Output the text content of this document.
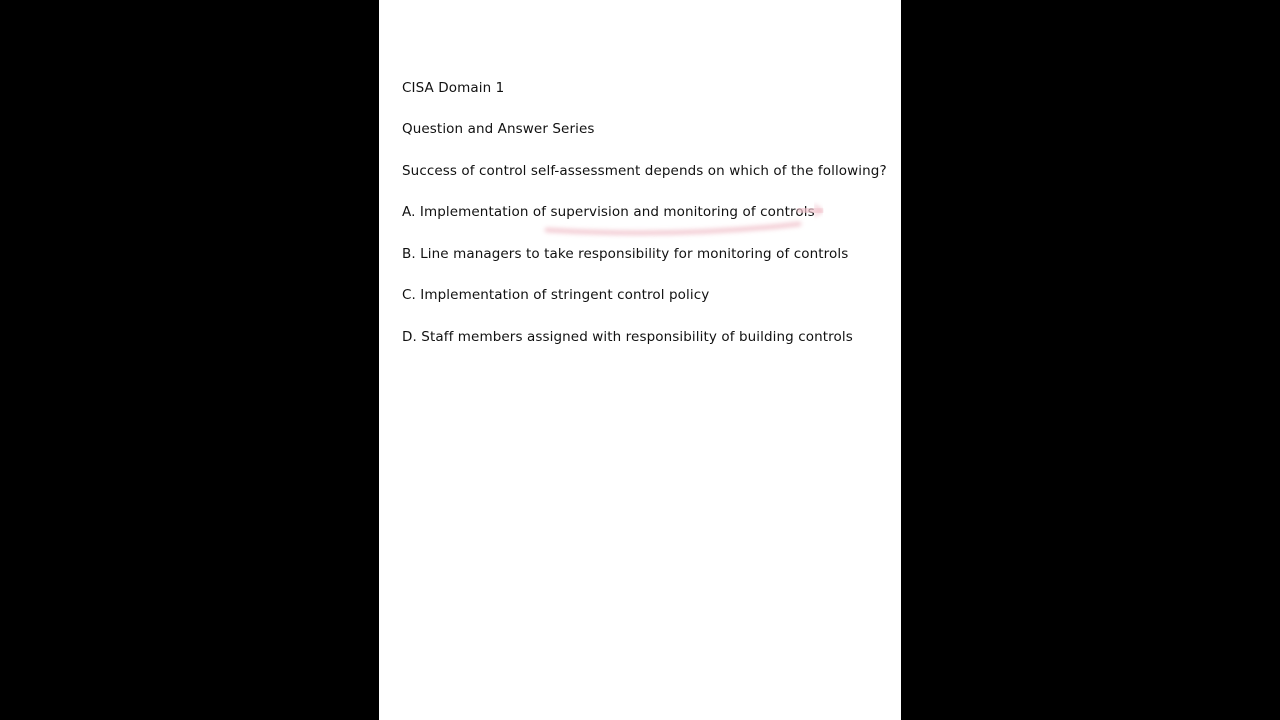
CISA Domain 1
Question and Answer Series
Success of control self-assessment depends on which of the following?
A. Implementation of supervision and monitoring of controls
B. Line managers to take responsibility for monitoring of controls
C. Implementation of stringent control policy
D. Staff members assigned with responsibility of building controls
